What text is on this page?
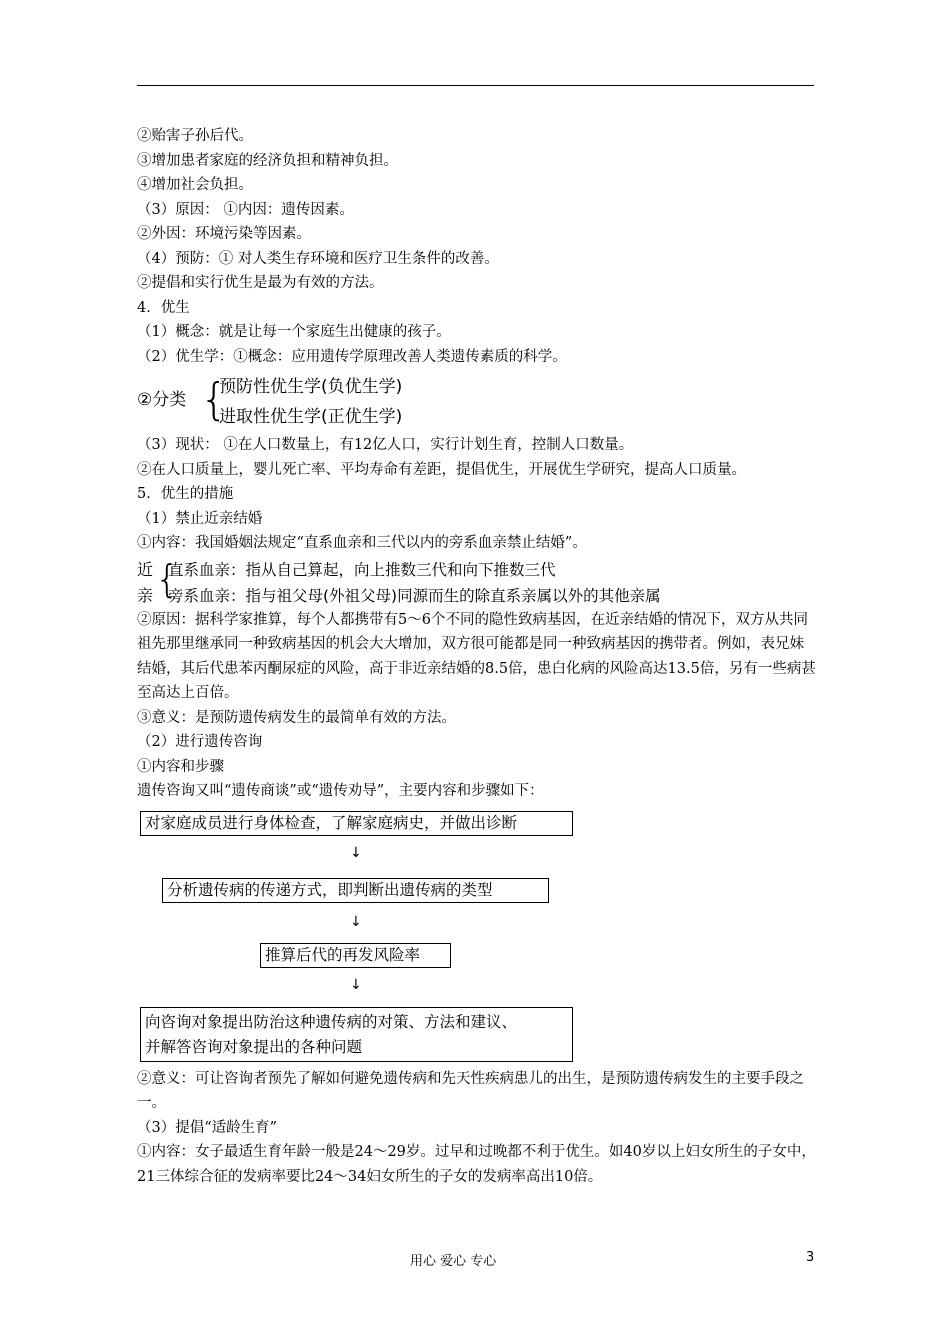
②贻害子孙后代。

③增加患者家庭的经济负担和精神负担。

④增加社会负担。

（3）原因： ①内因：遗传因素。

②外因：环境污染等因素。

（4）预防：① 对人类生存环境和医疗卫生条件的改善。

②提倡和实行优生是最为有效的方法。

4．优生

（1）概念：就是让每一个家庭生出健康的孩子。

（2）优生学：①概念：应用遗传学原理改善人类遗传素质的科学。

②分类 {
预防性优生学(负优生学)
进取性优生学(正优生学)

（3）现状： ①在人口数量上，有12亿人口，实行计划生育，控制人口数量。

②在人口质量上，婴儿死亡率、平均寿命有差距，提倡优生，开展优生学研究，提高人口质量。

5．优生的措施

（1）禁止近亲结婚

①内容：我国婚姻法规定“直系血亲和三代以内的旁系血亲禁止结婚”。

近
亲 {
直系血亲：指从自己算起，向上推数三代和向下推数三代
旁系血亲：指与祖父母(外祖父母)同源而生的除直系亲属以外的其他亲属

②原因：据科学家推算，每个人都携带有5～6个不同的隐性致病基因，在近亲结婚的情况下，双方从共同祖先那里继承同一种致病基因的机会大大增加，双方很可能都是同一种致病基因的携带者。例如，表兄妹结婚，其后代患苯丙酮尿症的风险，高于非近亲结婚的8.5倍，患白化病的风险高达13.5倍，另有一些病甚至高达上百倍。

③意义：是预防遗传病发生的最简单有效的方法。

（2）进行遗传咨询

①内容和步骤

遗传咨询又叫“遗传商谈”或“遗传劝导”，主要内容和步骤如下：

对家庭成员进行身体检查，了解家庭病史，并做出诊断
↓
分析遗传病的传递方式，即判断出遗传病的类型
↓
推算后代的再发风险率
↓
向咨询对象提出防治这种遗传病的对策、方法和建议、
并解答咨询对象提出的各种问题

②意义：可让咨询者预先了解如何避免遗传病和先天性疾病患儿的出生，是预防遗传病发生的主要手段之一。

（3）提倡“适龄生育”

①内容：女子最适生育年龄一般是24～29岁。过早和过晚都不利于优生。如40岁以上妇女所生的子女中，21三体综合征的发病率要比24～34妇女所生的子女的发病率高出10倍。

用心 爱心 专心	3
